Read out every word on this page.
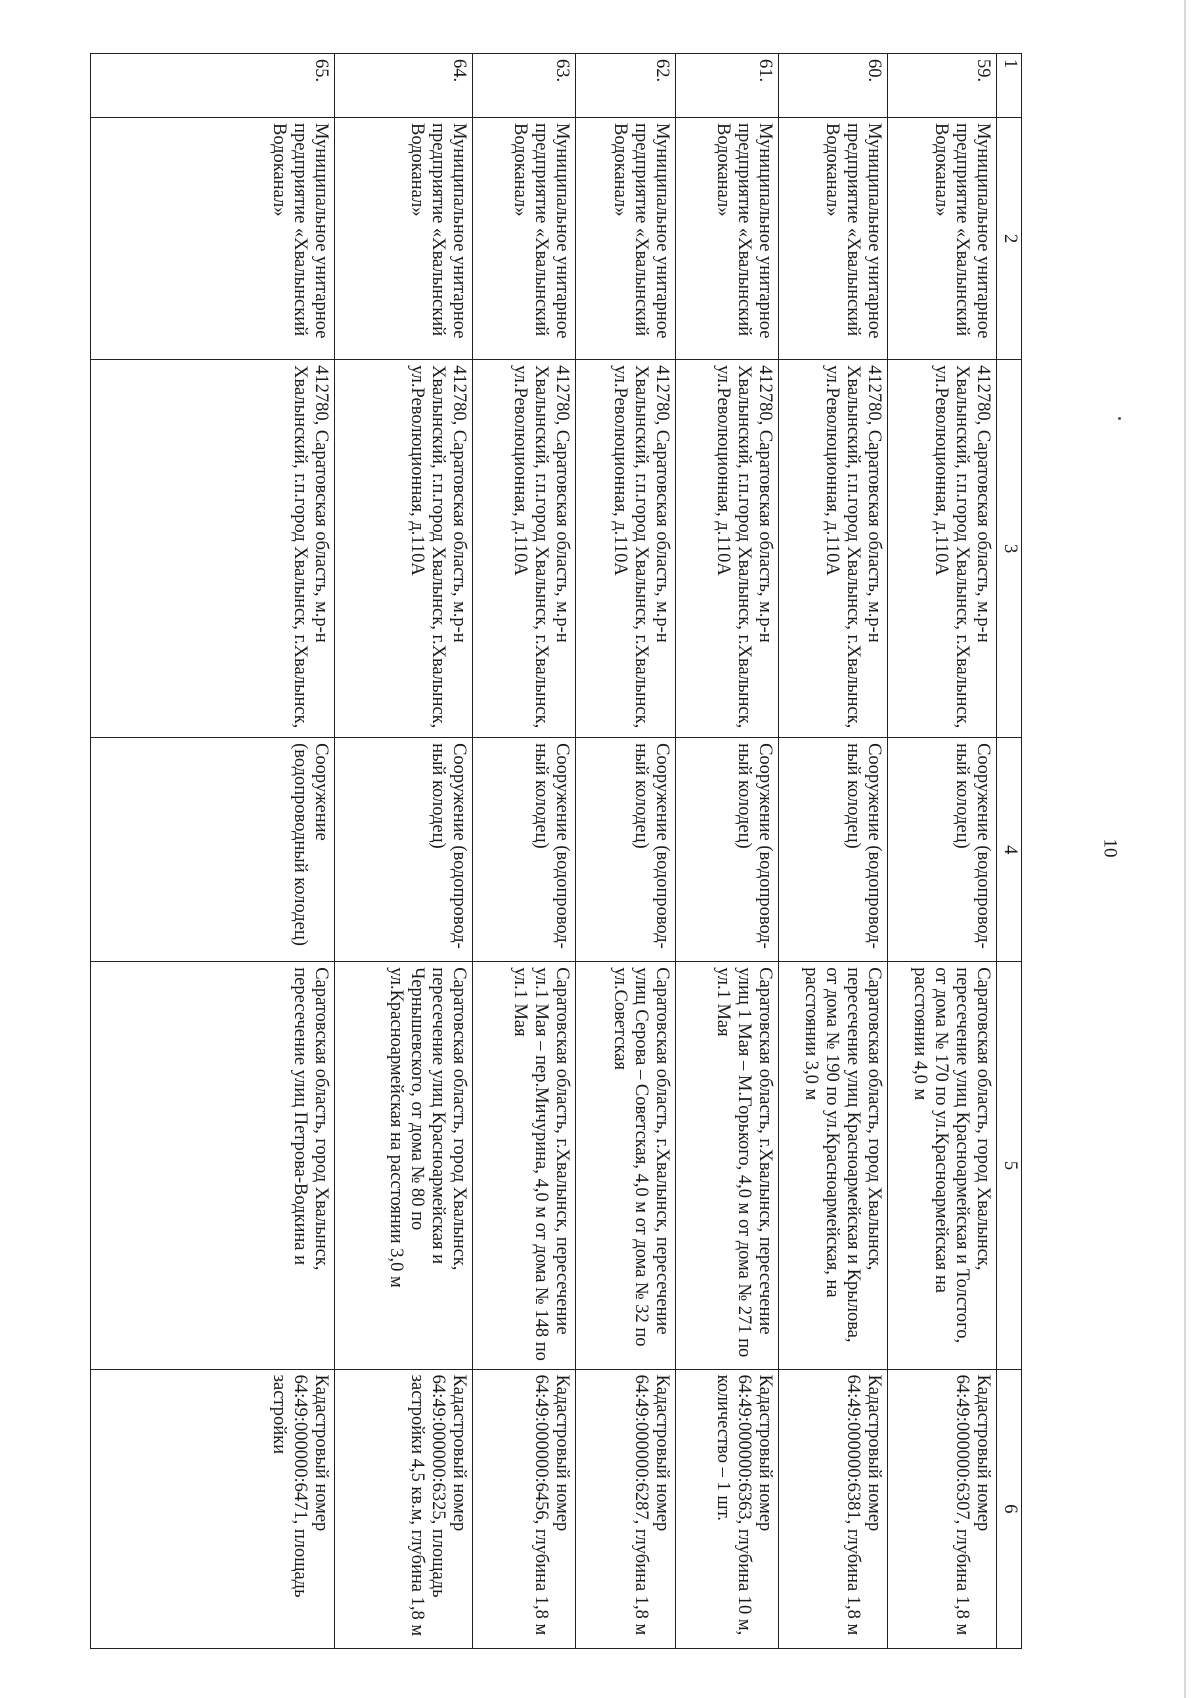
10
1	2	3	4	5	6
59.	Муниципальное унитарное предприятие «Хвалынский Водоканал»	412780, Саратовская область, м.р-н Хвалынский, г.п.город Хвалынск, г.Хвалынск, ул.Революционная, д.110А	Сооружение (водопровод-ный колодец)	Саратовская область, город Хвалынск, пересечение улиц Красноармейская и Толстого, от дома № 170 по ул.Красноармейская на расстоянии 4,0 м	Кадастровый номер 64:49:000000:6307, глубина 1,8 м
60.	Муниципальное унитарное предприятие «Хвалынский Водоканал»	412780, Саратовская область, м.р-н Хвалынский, г.п.город Хвалынск, г.Хвалынск, ул.Революционная, д.110А	Сооружение (водопровод-ный колодец)	Саратовская область, город Хвалынск, пересечение улиц Красноармейская и Крылова, от дома № 190 по ул.Красноармейская, на расстоянии 3,0 м	Кадастровый номер 64:49:000000:6381, глубина 1,8 м
61.	Муниципальное унитарное предприятие «Хвалынский Водоканал»	412780, Саратовская область, м.р-н Хвалынский, г.п.город Хвалынск, г.Хвалынск, ул.Революционная, д.110А	Сооружение (водопровод-ный колодец)	Саратовская область, г.Хвалынск, пересечение улиц 1 Мая – М.Горького, 4,0 м от дома № 271 по ул.1 Мая	Кадастровый номер 64:49:000000:6363, глубина 10 м, количество – 1 шт.
62.	Муниципальное унитарное предприятие «Хвалынский Водоканал»	412780, Саратовская область, м.р-н Хвалынский, г.п.город Хвалынск, г.Хвалынск, ул.Революционная, д.110А	Сооружение (водопровод-ный колодец)	Саратовская область, г.Хвалынск, пересечение улиц Серова – Советская, 4,0 м от дома № 32 по ул.Советская	Кадастровый номер 64:49:000000:6287, глубина 1,8 м
63.	Муниципальное унитарное предприятие «Хвалынский Водоканал»	412780, Саратовская область, м.р-н Хвалынский, г.п.город Хвалынск, г.Хвалынск, ул.Революционная, д.110А	Сооружение (водопровод-ный колодец)	Саратовская область, г.Хвалынск, пересечение ул.1 Мая – пер.Мичурина, 4,0 м от дома № 148 по ул.1 Мая	Кадастровый номер 64:49:000000:6456, глубина 1,8 м
64.	Муниципальное унитарное предприятие «Хвалынский Водоканал»	412780, Саратовская область, м.р-н Хвалынский, г.п.город Хвалынск, г.Хвалынск, ул.Революционная, д.110А	Сооружение (водопровод-ный колодец)	Саратовская область, город Хвалынск, пересечение улиц Красноармейская и Чернышевского, от дома № 80 по ул.Красноармейская на расстоянии 3,0 м	Кадастровый номер 64:49:000000:6325, площадь застройки 4,5 кв.м, глубина 1,8 м
65.	Муниципальное унитарное предприятие «Хвалынский Водоканал»	412780, Саратовская область, м.р-н Хвалынский, г.п.город Хвалынск, г.Хвалынск,	Сооружение (водопроводный колодец)	Саратовская область, город Хвалынск, пересечение улиц Петрова-Водкина и	Кадастровый номер 64:49:000000:6471, площадь застройки
